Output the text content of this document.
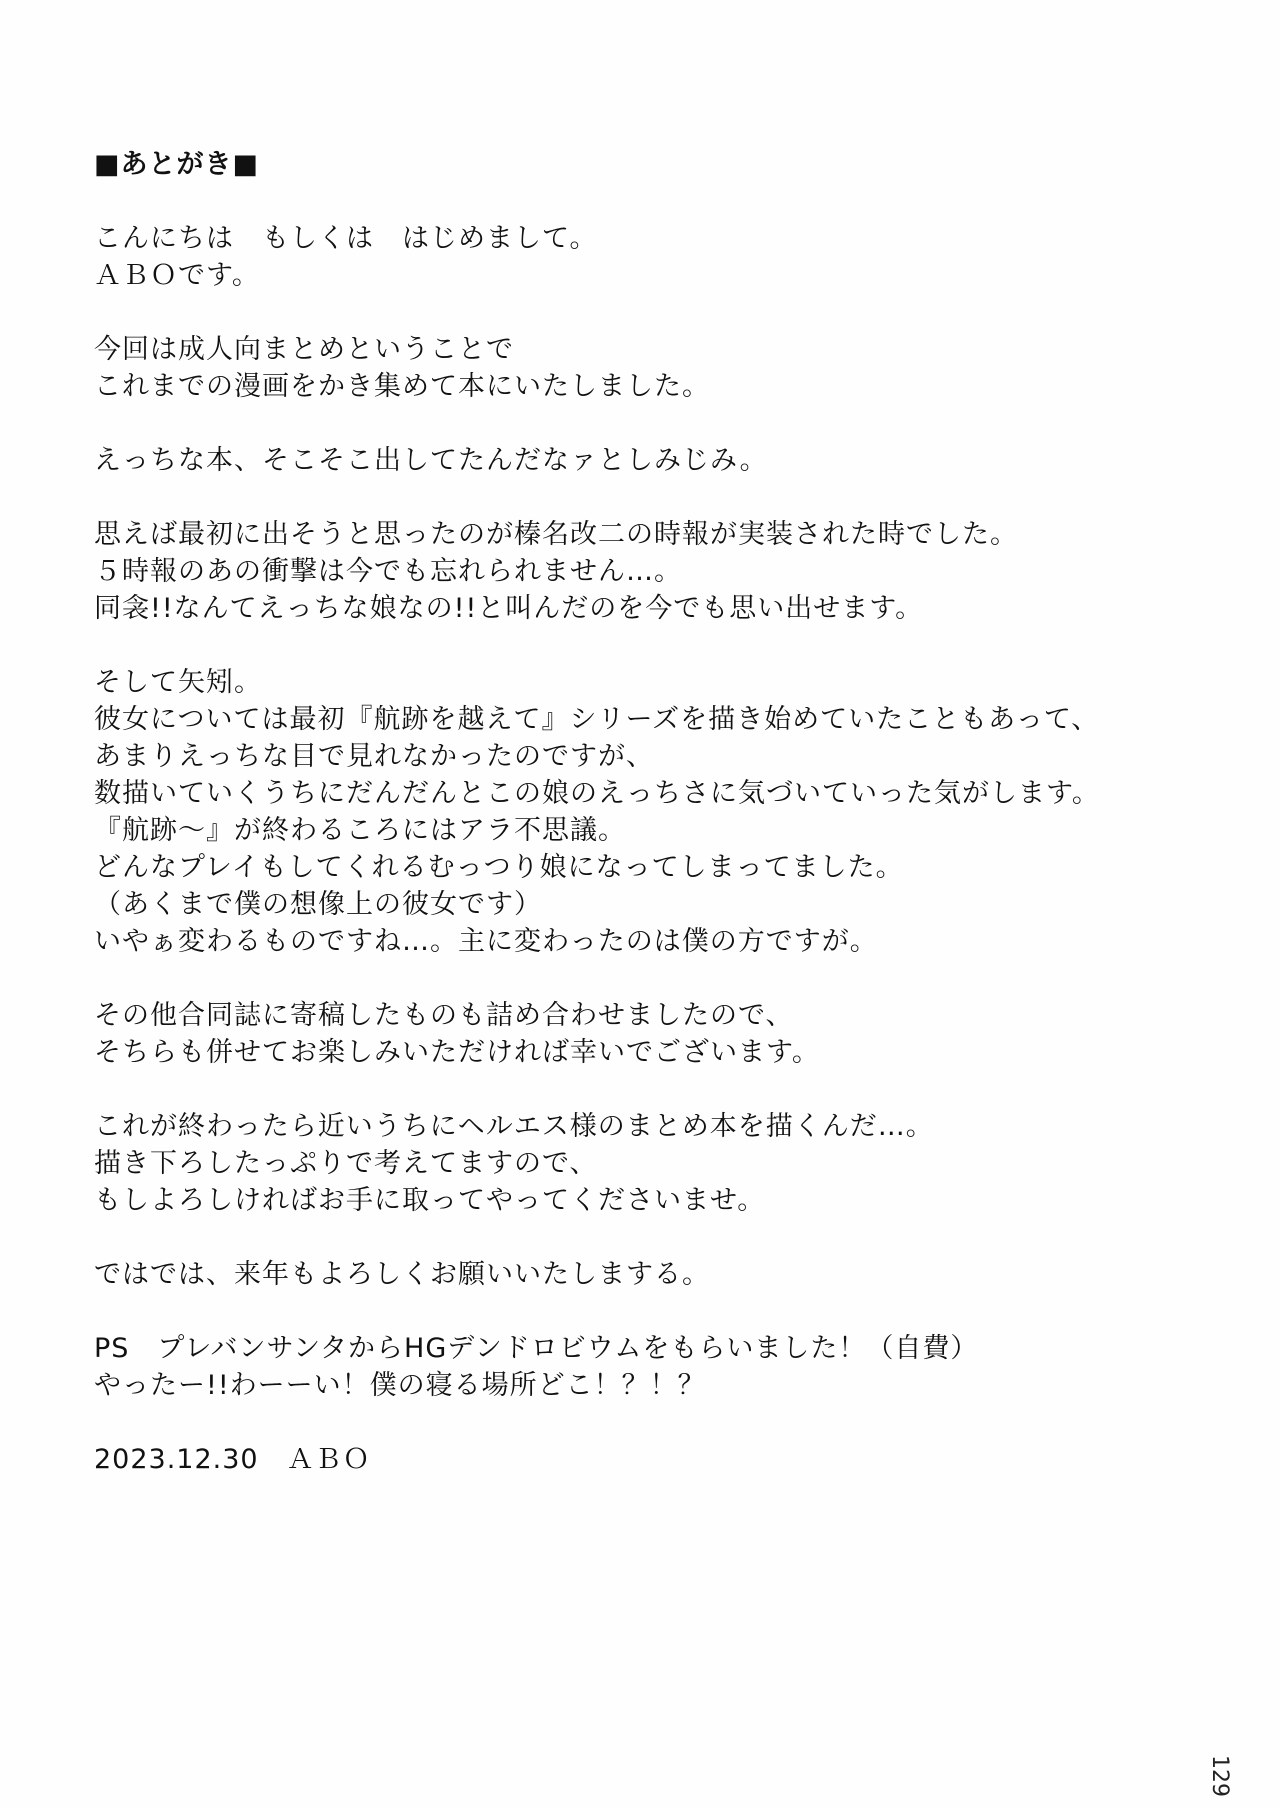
■あとがき■
こんにちは　もしくは　はじめまして。
ＡＢＯです。
今回は成人向まとめということで
これまでの漫画をかき集めて本にいたしました。
えっちな本、そこそこ出してたんだなァとしみじみ。
思えば最初に出そうと思ったのが榛名改二の時報が実装された時でした。
５時報のあの衝撃は今でも忘れられません…。
同衾!!なんてえっちな娘なの!!と叫んだのを今でも思い出せます。
そして矢矧。
彼女については最初『航跡を越えて』シリーズを描き始めていたこともあって、
あまりえっちな目で見れなかったのですが、
数描いていくうちにだんだんとこの娘のえっちさに気づいていった気がします。
『航跡～』が終わるころにはアラ不思議。
どんなプレイもしてくれるむっつり娘になってしまってました。
（あくまで僕の想像上の彼女です）
いやぁ変わるものですね…。主に変わったのは僕の方ですが。
その他合同誌に寄稿したものも詰め合わせましたので、
そちらも併せてお楽しみいただければ幸いでございます。
これが終わったら近いうちにヘルエス様のまとめ本を描くんだ…。
描き下ろしたっぷりで考えてますので、
もしよろしければお手に取ってやってくださいませ。
ではでは、来年もよろしくお願いいたしまする。
PS　プレバンサンタからHGデンドロビウムをもらいました！（自費）
やったー!!わーーい！僕の寝る場所どこ！？！？
2023.12.30　ＡＢＯ
129
